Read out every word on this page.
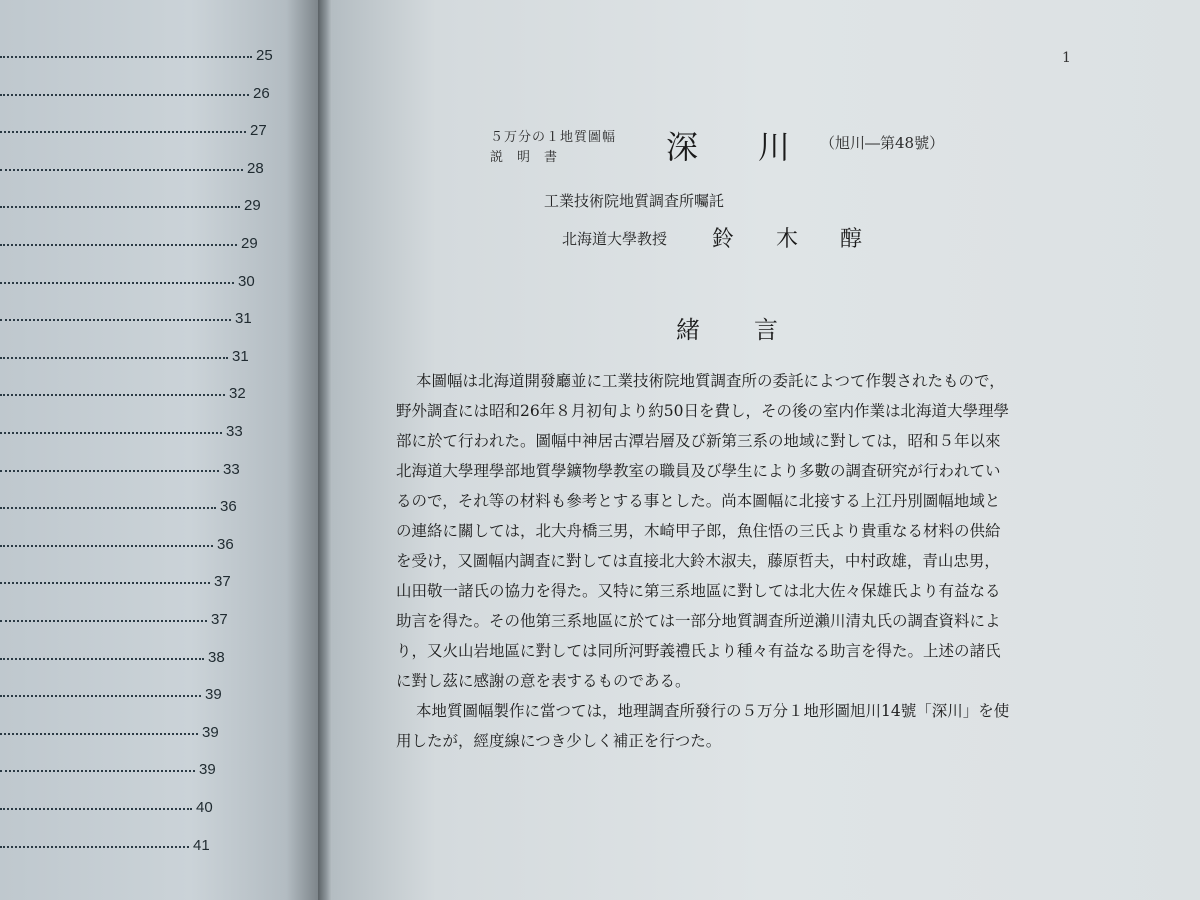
25
26
27
28
29
29
30
31
31
32
33
33
36
36
37
37
38
39
39
39
40
41
1
５万分の１地質圖幅
説明書	深川
（旭川―第48號）
工業技術院地質調査所囑託
北海道大學教授 鈴木醇
緒言
本圖幅は北海道開發廳並に工業技術院地質調査所の委託によつて作製されたもので，
野外調査には昭和26年８月初旬より約50日を費し，その後の室内作業は北海道大學理學
部に於て行われた。圖幅中神居古潭岩層及び新第三系の地域に對しては，昭和５年以來
北海道大學理學部地質學鑛物學教室の職員及び學生により多數の調査研究が行われてい
るので，それ等の材料も參考とする事とした。尚本圖幅に北接する上江丹別圖幅地域と
の連絡に關しては，北大舟橋三男，木崎甲子郎，魚住悟の三氏より貴重なる材料の供給
を受け，又圖幅内調査に對しては直接北大鈴木淑夫，藤原哲夫，中村政雄，青山忠男，
山田敬一諸氏の協力を得た。又特に第三系地區に對しては北大佐々保雄氏より有益なる
助言を得た。その他第三系地區に於ては一部分地質調査所逆瀨川清丸氏の調査資料によ
り，又火山岩地區に對しては同所河野義禮氏より種々有益なる助言を得た。上述の諸氏
に對し茲に感謝の意を表するものである。
本地質圖幅製作に當つては，地理調査所發行の５万分１地形圖旭川14號「深川」を使
用したが，經度線につき少しく補正を行つた。
